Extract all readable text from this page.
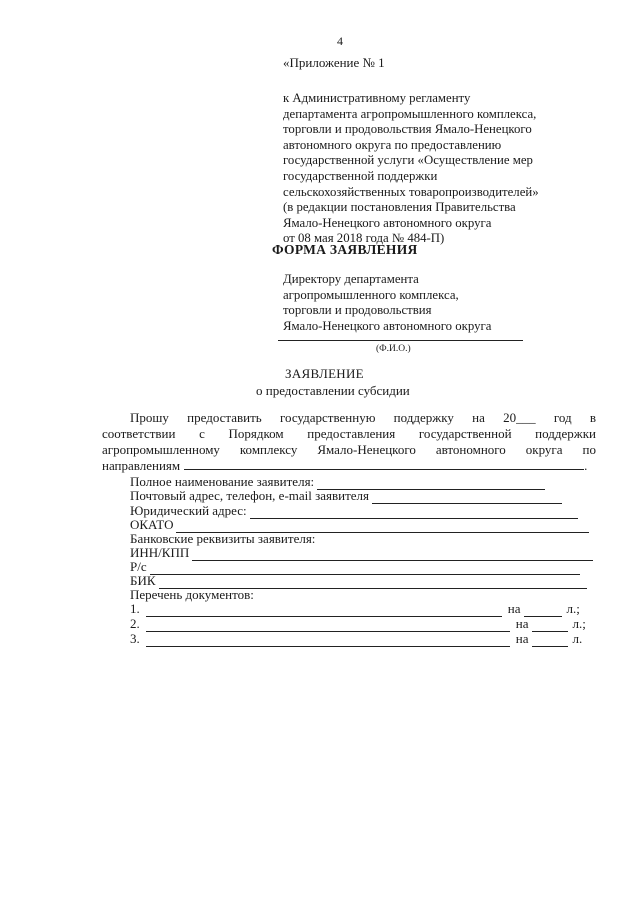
4
«Приложение № 1
к Административному регламенту
департамента агропромышленного комплекса,
торговли и продовольствия Ямало-Ненецкого
автономного округа по предоставлению
государственной услуги «Осуществление мер
государственной поддержки
сельскохозяйственных товаропроизводителей»
(в редакции постановления Правительства
Ямало-Ненецкого автономного округа
от 08 мая 2018 года № 484-П)
ФОРМА ЗАЯВЛЕНИЯ
Директору департамента
агропромышленного комплекса,
торговли и продовольствия
Ямало-Ненецкого автономного округа
(Ф.И.О.)
ЗАЯВЛЕНИЕ
о предоставлении субсидии
Прошу предоставить государственную поддержку на 20___ год в
соответствии с Порядком предоставления государственной поддержки
агропромышленному комплексу Ямало-Ненецкого автономного округа по
направлениям	.
Полное наименование заявителя:
Почтовый адрес, телефон, e-mail заявителя
Юридический адрес:
ОКАТО
Банковские реквизиты заявителя:
ИНН/КПП
Р/с
БИК
Перечень документов:
1.	на	л.;
2.	на	л.;
3.	на	л.
